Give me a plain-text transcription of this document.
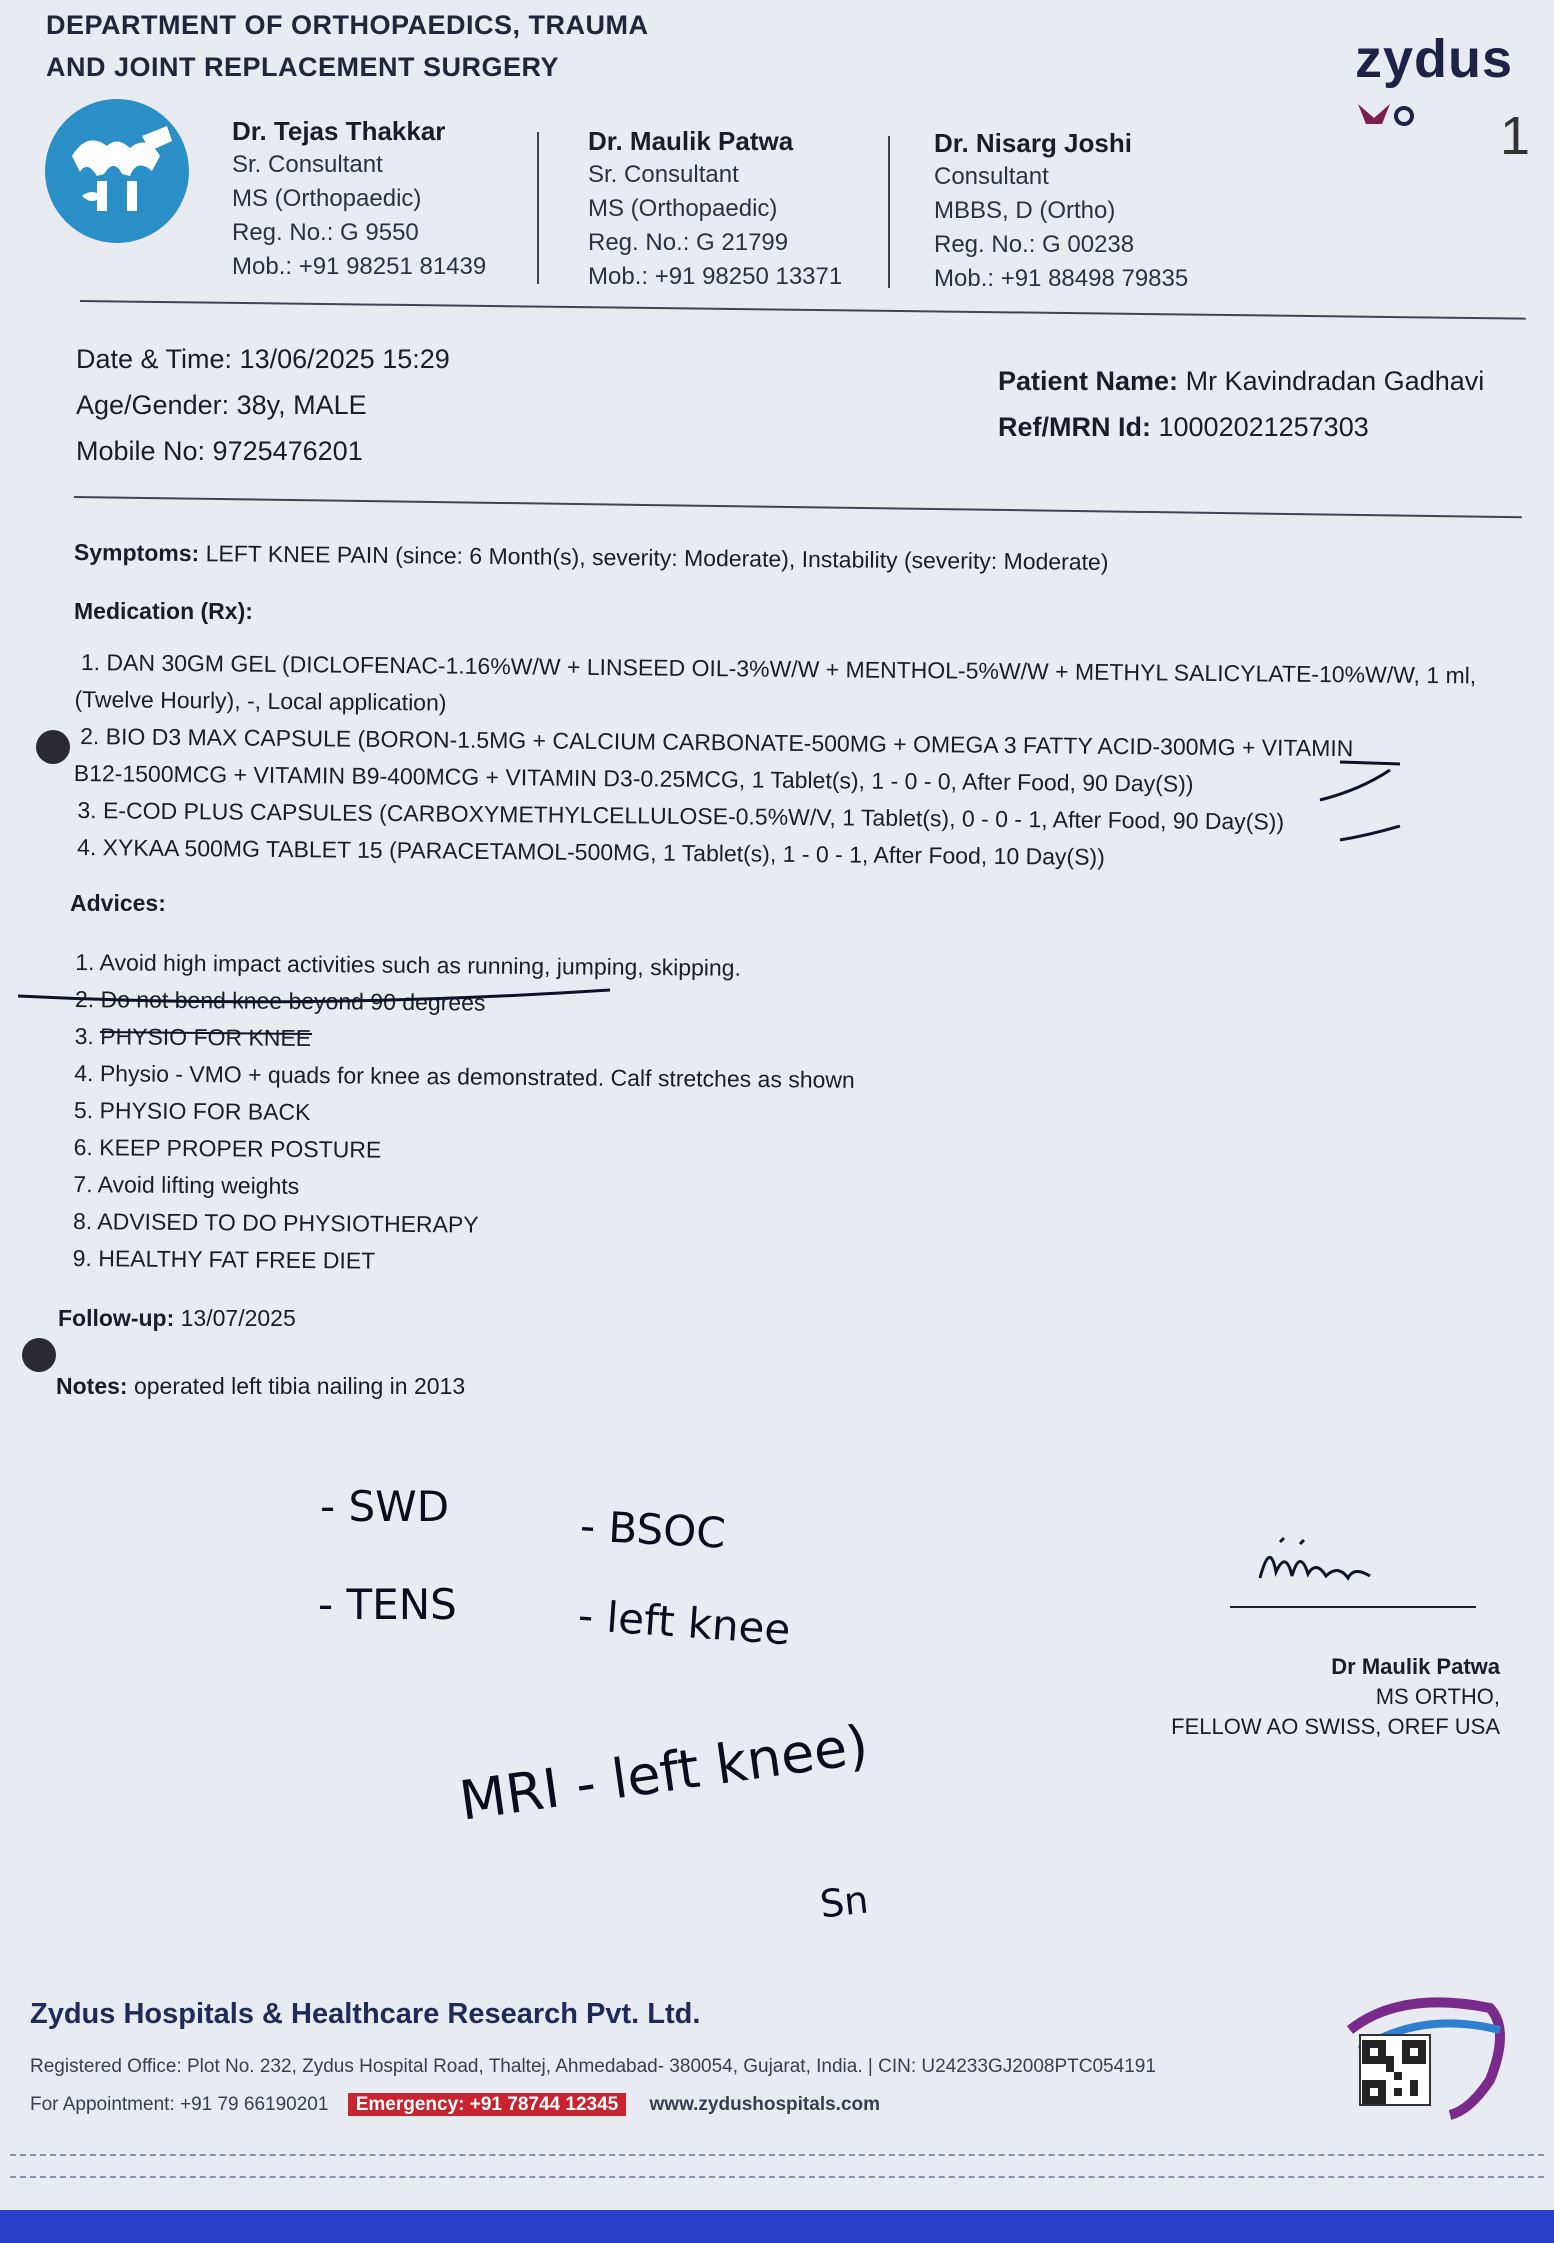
DEPARTMENT OF ORTHOPAEDICS, TRAUMA
AND JOINT REPLACEMENT SURGERY	zydus
1
Dr. Tejas Thakkar
Sr. Consultant
MS (Orthopaedic)
Reg. No.: G 9550
Mob.: +91 98251 81439
Dr. Maulik Patwa
Sr. Consultant
MS (Orthopaedic)
Reg. No.: G 21799
Mob.: +91 98250 13371
Dr. Nisarg Joshi
Consultant
MBBS, D (Ortho)
Reg. No.: G 00238
Mob.: +91 88498 79835
Date & Time: 13/06/2025 15:29
Age/Gender: 38y, MALE
Mobile No: 9725476201
Patient Name: Mr Kavindradan Gadhavi
Ref/MRN Id: 10002021257303
Symptoms: LEFT KNEE PAIN (since: 6 Month(s), severity: Moderate), Instability (severity: Moderate)
Medication (Rx):
1. DAN 30GM GEL (DICLOFENAC-1.16%W/W + LINSEED OIL-3%W/W + MENTHOL-5%W/W + METHYL SALICYLATE-10%W/W, 1 ml,
(Twelve Hourly), -, Local application)
2. BIO D3 MAX CAPSULE (BORON-1.5MG + CALCIUM CARBONATE-500MG + OMEGA 3 FATTY ACID-300MG + VITAMIN
B12-1500MCG + VITAMIN B9-400MCG + VITAMIN D3-0.25MCG, 1 Tablet(s), 1 - 0 - 0, After Food, 90 Day(S))
3. E-COD PLUS CAPSULES (CARBOXYMETHYLCELLULOSE-0.5%W/V, 1 Tablet(s), 0 - 0 - 1, After Food, 90 Day(S))
4. XYKAA 500MG TABLET 15 (PARACETAMOL-500MG, 1 Tablet(s), 1 - 0 - 1, After Food, 10 Day(S))
Advices:
1. Avoid high impact activities such as running, jumping, skipping.
2. Do not bend knee beyond 90 degrees
3. PHYSIO FOR KNEE
4. Physio - VMO + quads for knee as demonstrated. Calf stretches as shown
5. PHYSIO FOR BACK
6. KEEP PROPER POSTURE
7. Avoid lifting weights
8. ADVISED TO DO PHYSIOTHERAPY
9. HEALTHY FAT FREE DIET
Follow-up: 13/07/2025
Notes: operated left tibia nailing in 2013
- SWD	- BSOC
- TENS	- left knee
MRI - left knee)
Sn
Dr Maulik Patwa
MS ORTHO,
FELLOW AO SWISS, OREF USA
Zydus Hospitals & Healthcare Research Pvt. Ltd.
Registered Office: Plot No. 232, Zydus Hospital Road, Thaltej, Ahmedabad- 380054, Gujarat, India. | CIN: U24233GJ2008PTC054191
For Appointment: +91 79 66190201 Emergency: +91 78744 12345 www.zydushospitals.com
